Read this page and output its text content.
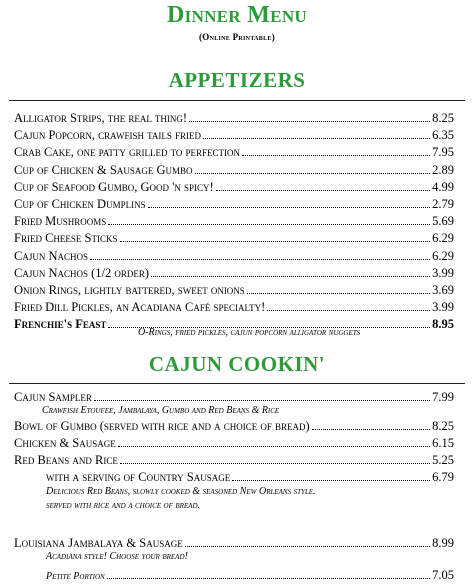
Dinner Menu
(Online Printable)
APPETIZERS
Alligator Strips, the real thing!	8.25
Cajun Popcorn, crawfish tails fried	6.35
Crab Cake, one patty grilled to perfection	7.95
Cup of Chicken & Sausage Gumbo	2.89
Cup of Seafood Gumbo, Good 'n spicy!	4.99
Cup of Chicken Dumplins	2.79
Fried Mushrooms	5.69
Fried Cheese Sticks	6.29
Cajun Nachos	6.29
Cajun Nachos (1/2 order)	3.99
Onion Rings, lightly battered, sweet onions	3.69
Fried Dill Pickles, an Acadiana Café specialty!	3.99
Frenchie's Feast	8.95
O-Rings, fried pickles, cajun popcorn alligator nuggets
CAJUN COOKIN'
Cajun Sampler	7.99
Crawfish Etoufee, Jambalaya, Gumbo and Red Beans & Rice
Bowl of Gumbo (served with rice and a choice of bread)	8.25
Chicken & Sausage	6.15
Red Beans and Rice	5.25
with a serving of Country Sausage	6.79
Delicious Red Beans, slowly cooked & seasoned New Orleans style.
served with rice and a choice of bread.
Louisiana Jambalaya & Sausage	8.99
Acadiana style! Choose your bread!
Petite Portion	7.05
